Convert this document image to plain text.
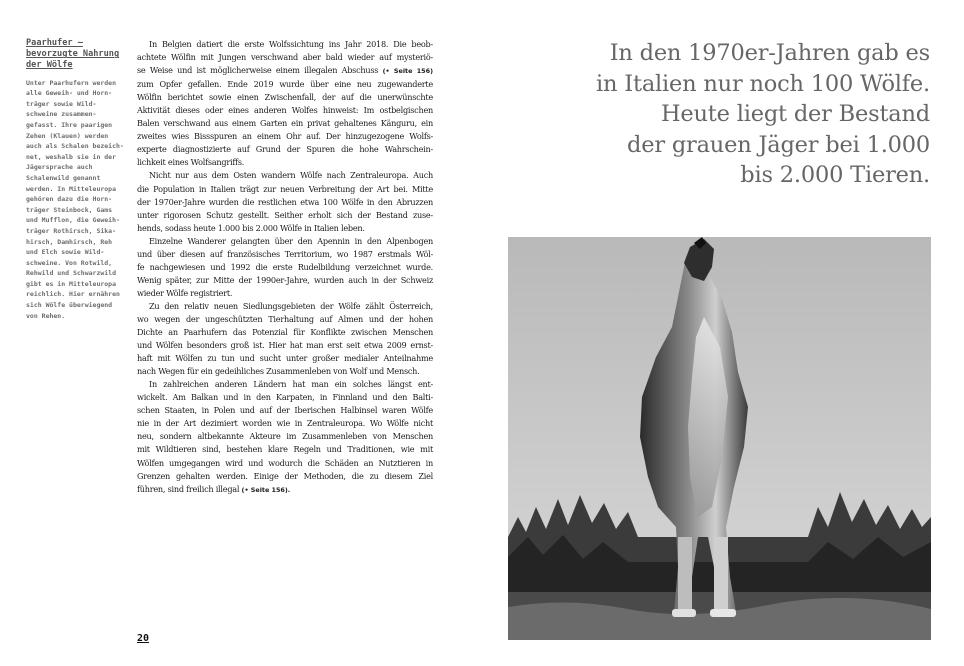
Paarhufer –
bevorzugte Nahrung
der Wölfe
Unter Paarhufern werden
alle Geweih- und Horn-
träger sowie Wild-
schweine zusammen-
gefasst. Ihre paarigen
Zehen (Klauen) werden
auch als Schalen bezeich-
net, weshalb sie in der
Jägersprache auch
Schalenwild genannt
werden. In Mitteleuropa
gehören dazu die Horn-
träger Steinbock, Gams
und Mufflon, die Geweih-
träger Rothirsch, Sika-
hirsch, Damhirsch, Reh
und Elch sowie Wild-
schweine. Von Rotwild,
Rehwild und Schwarzwild
gibt es in Mitteleuropa
reichlich. Hier ernähren
sich Wölfe überwiegend
von Rehen.

In Belgien datiert die erste Wolfssichtung ins Jahr 2018. Die beob-
achtete Wölfin mit Jungen verschwand aber bald wieder auf mysteriö-
se Weise und ist möglicherweise einem illegalen Abschuss (• Seite 156)
zum Opfer gefallen. Ende 2019 wurde über eine neu zugewanderte
Wölfin berichtet sowie einen Zwischenfall, der auf die unerwünschte
Aktivität dieses oder eines anderen Wolfes hinweist: Im ostbelgischen
Balen verschwand aus einem Garten ein privat gehaltenes Känguru, ein
zweites wies Bissspuren an einem Ohr auf. Der hinzugezogene Wolfs-
experte diagnostizierte auf Grund der Spuren die hohe Wahrschein-
lichkeit eines Wolfsangriffs.

Nicht nur aus dem Osten wandern Wölfe nach Zentraleuropa. Auch
die Population in Italien trägt zur neuen Verbreitung der Art bei. Mitte
der 1970er-Jahre wurden die restlichen etwa 100 Wölfe in den Abruzzen
unter rigorosen Schutz gestellt. Seither erholt sich der Bestand zuse-
hends, sodass heute 1.000 bis 2.000 Wölfe in Italien leben.

Einzelne Wanderer gelangten über den Apennin in den Alpenbogen
und über diesen auf französisches Territorium, wo 1987 erstmals Wöl-
fe nachgewiesen und 1992 die erste Rudelbildung verzeichnet wurde.
Wenig später, zur Mitte der 1990er-Jahre, wurden auch in der Schweiz
wieder Wölfe registriert.

Zu den relativ neuen Siedlungsgebieten der Wölfe zählt Österreich,
wo wegen der ungeschützten Tierhaltung auf Almen und der hohen
Dichte an Paarhufern das Potenzial für Konflikte zwischen Menschen
und Wölfen besonders groß ist. Hier hat man erst seit etwa 2009 ernst-
haft mit Wölfen zu tun und sucht unter großer medialer Anteilnahme
nach Wegen für ein gedeihliches Zusammenleben von Wolf und Mensch.

In zahlreichen anderen Ländern hat man ein solches längst ent-
wickelt. Am Balkan und in den Karpaten, in Finnland und den Balti-
schen Staaten, in Polen und auf der Iberischen Halbinsel waren Wölfe
nie in der Art dezimiert worden wie in Zentraleuropa. Wo Wölfe nicht
neu, sondern altbekannte Akteure im Zusammenleben von Menschen
mit Wildtieren sind, bestehen klare Regeln und Traditionen, wie mit
Wölfen umgegangen wird und wodurch die Schäden an Nutztieren in
Grenzen gehalten werden. Einige der Methoden, die zu diesem Ziel
führen, sind freilich illegal (• Seite 156).

20
In den 1970er-Jahren gab es
in Italien nur noch 100 Wölfe.
Heute liegt der Bestand
der grauen Jäger bei 1.000
bis 2.000 Tieren.
